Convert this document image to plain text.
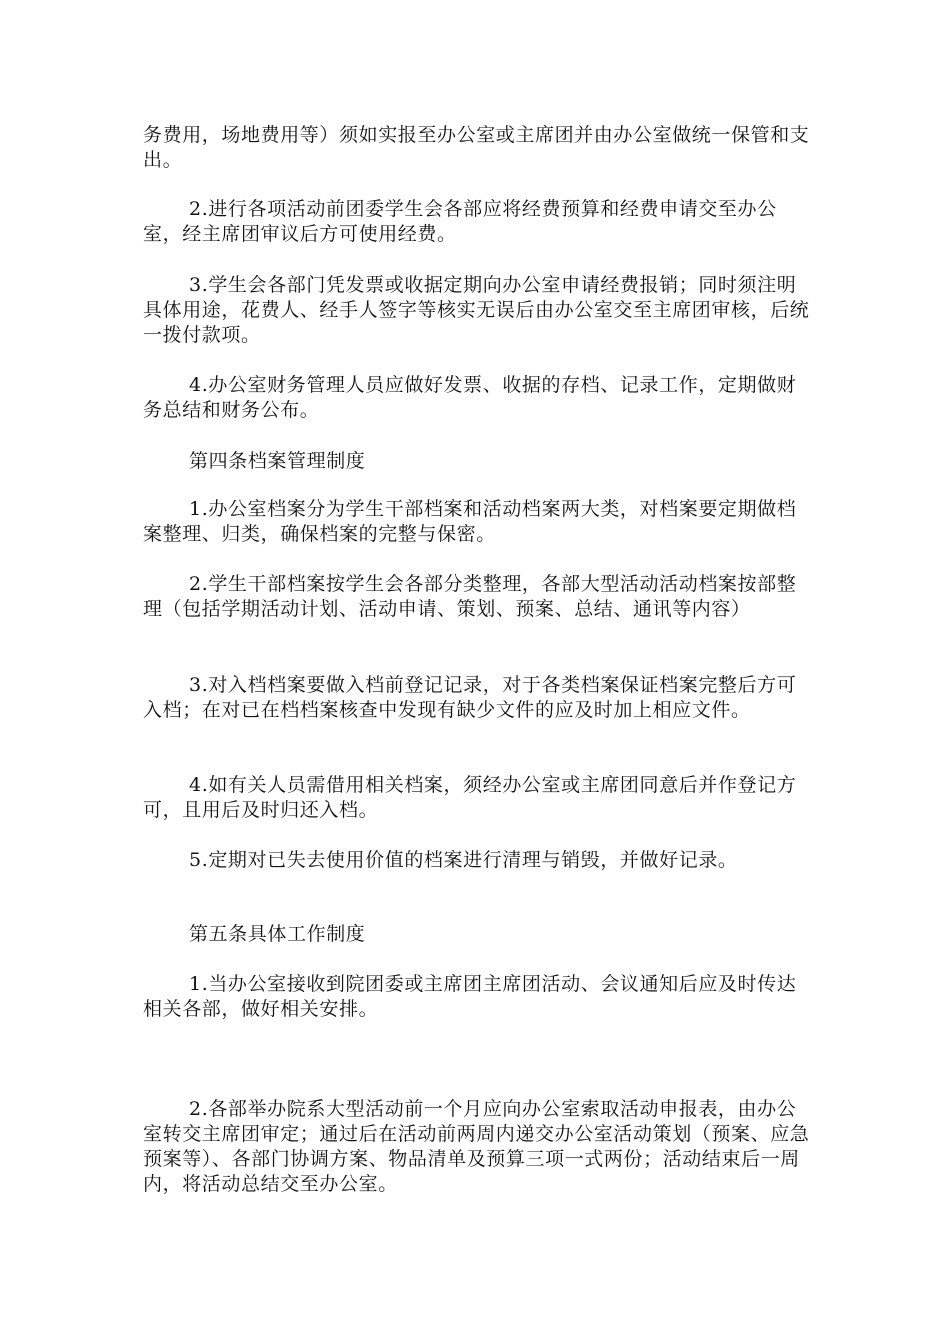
务费用，场地费用等）须如实报至办公室或主席团并由办公室做统一保管和支出。

2.进行各项活动前团委学生会各部应将经费预算和经费申请交至办公室，经主席团审议后方可使用经费。

3.学生会各部门凭发票或收据定期向办公室申请经费报销；同时须注明具体用途，花费人、经手人签字等核实无误后由办公室交至主席团审核，后统一拨付款项。

4.办公室财务管理人员应做好发票、收据的存档、记录工作，定期做财务总结和财务公布。

第四条档案管理制度

1.办公室档案分为学生干部档案和活动档案两大类，对档案要定期做档案整理、归类，确保档案的完整与保密。

2.学生干部档案按学生会各部分类整理，各部大型活动活动档案按部整理（包括学期活动计划、活动申请、策划、预案、总结、通讯等内容）

3.对入档档案要做入档前登记记录，对于各类档案保证档案完整后方可入档；在对已在档档案核查中发现有缺少文件的应及时加上相应文件。

4.如有关人员需借用相关档案，须经办公室或主席团同意后并作登记方可，且用后及时归还入档。

5.定期对已失去使用价值的档案进行清理与销毁，并做好记录。

第五条具体工作制度

1.当办公室接收到院团委或主席团主席团活动、会议通知后应及时传达相关各部，做好相关安排。

2.各部举办院系大型活动前一个月应向办公室索取活动申报表，由办公室转交主席团审定；通过后在活动前两周内递交办公室活动策划（预案、应急预案等）、各部门协调方案、物品清单及预算三项一式两份；活动结束后一周内，将活动总结交至办公室。
